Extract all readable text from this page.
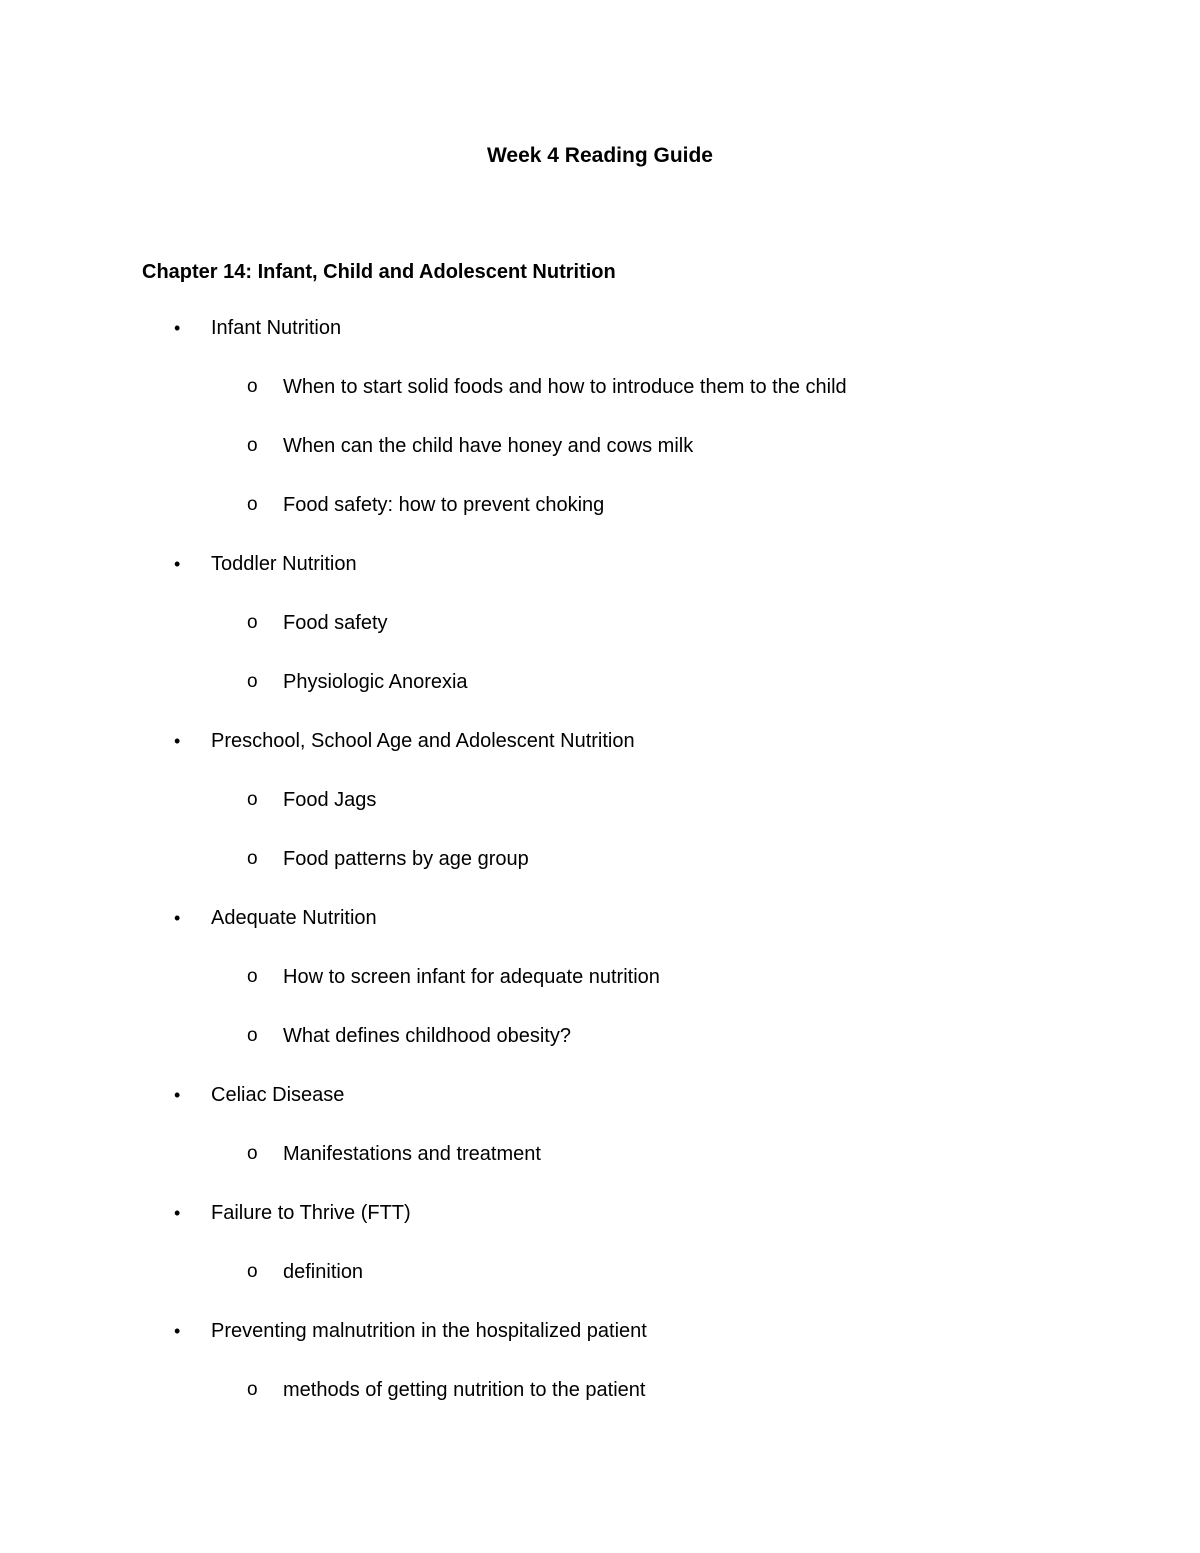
Week 4 Reading Guide
Chapter 14: Infant, Child and Adolescent Nutrition
• Infant Nutrition
o When to start solid foods and how to introduce them to the child
o When can the child have honey and cows milk
o Food safety: how to prevent choking
• Toddler Nutrition
o Food safety
o Physiologic Anorexia
• Preschool, School Age and Adolescent Nutrition
o Food Jags
o Food patterns by age group
• Adequate Nutrition
o How to screen infant for adequate nutrition
o What defines childhood obesity?
• Celiac Disease
o Manifestations and treatment
• Failure to Thrive (FTT)
o definition
• Preventing malnutrition in the hospitalized patient
o methods of getting nutrition to the patient
